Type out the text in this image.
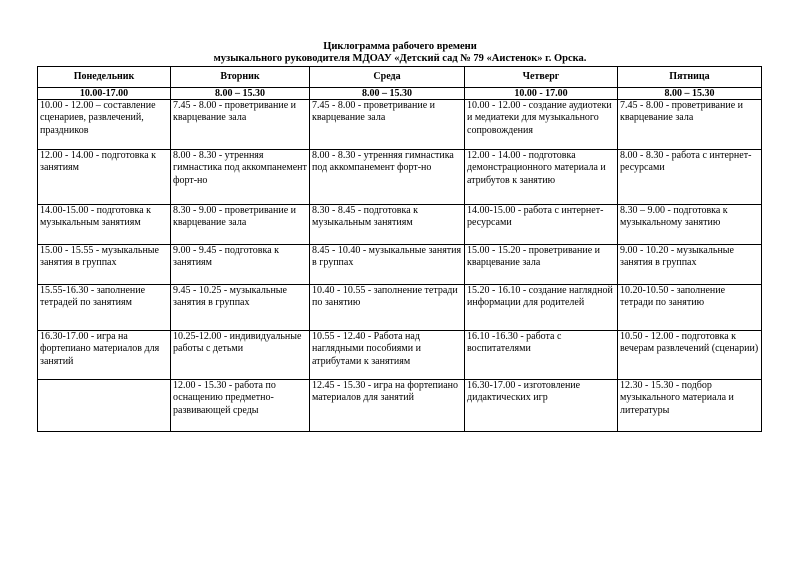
Циклограмма рабочего времени
музыкального руководителя МДОАУ «Детский сад № 79 «Аистенок» г. Орска.
Понедельник	Вторник	Среда	Четверг	Пятница
10.00-17.00	8.00 – 15.30	8.00 – 15.30	10.00 - 17.00	8.00 – 15.30
10.00 - 12.00 – составление сценариев, развлечений, праздников	7.45 - 8.00 - проветривание и кварцевание зала	7.45 - 8.00 - проветривание и кварцевание зала	10.00 - 12.00 - создание аудиотеки и медиатеки для музыкального сопровождения	7.45 - 8.00 - проветривание и кварцевание зала
12.00 - 14.00 - подготовка к занятиям	8.00 - 8.30 - утренняя гимнастика под аккомпанемент форт-но	8.00 - 8.30 - утренняя гимнастика под аккомпанемент форт-но	12.00 - 14.00 - подготовка демонстрационного материала и атрибутов к занятию	8.00 - 8.30 - работа с интернет-ресурсами
14.00-15.00 - подготовка к музыкальным занятиям	8.30 - 9.00 - проветривание и кварцевание зала	8.30 - 8.45 - подготовка к музыкальным занятиям	14.00-15.00 - работа с интернет-ресурсами	8.30 – 9.00 - подготовка к музыкальному занятию
15.00 - 15.55 - музыкальные занятия в группах	9.00 - 9.45 - подготовка к занятиям	8.45 - 10.40 - музыкальные занятия в группах	15.00 - 15.20 - проветривание и кварцевание зала	9.00 - 10.20 - музыкальные занятия в группах
15.55-16.30 - заполнение тетрадей по занятиям	9.45 - 10.25 - музыкальные занятия в группах	10.40 - 10.55 - заполнение тетради по занятию	15.20 - 16.10 - создание наглядной информации для родителей	10.20-10.50 - заполнение тетради по занятию
16.30-17.00 - игра на фортепиано материалов для занятий	10.25-12.00 - индивидуальные работы с детьми	10.55 - 12.40 - Работа над наглядными пособиями и атрибутами к занятиям	16.10 -16.30 - работа с воспитателями	10.50 - 12.00 - подготовка к вечерам развлечений (сценарии)
	12.00 - 15.30 - работа по оснащению предметно-развивающей среды	12.45 - 15.30 - игра на фортепиано материалов для занятий	16.30-17.00 - изготовление дидактических игр	12.30 - 15.30 - подбор музыкального материала и литературы
